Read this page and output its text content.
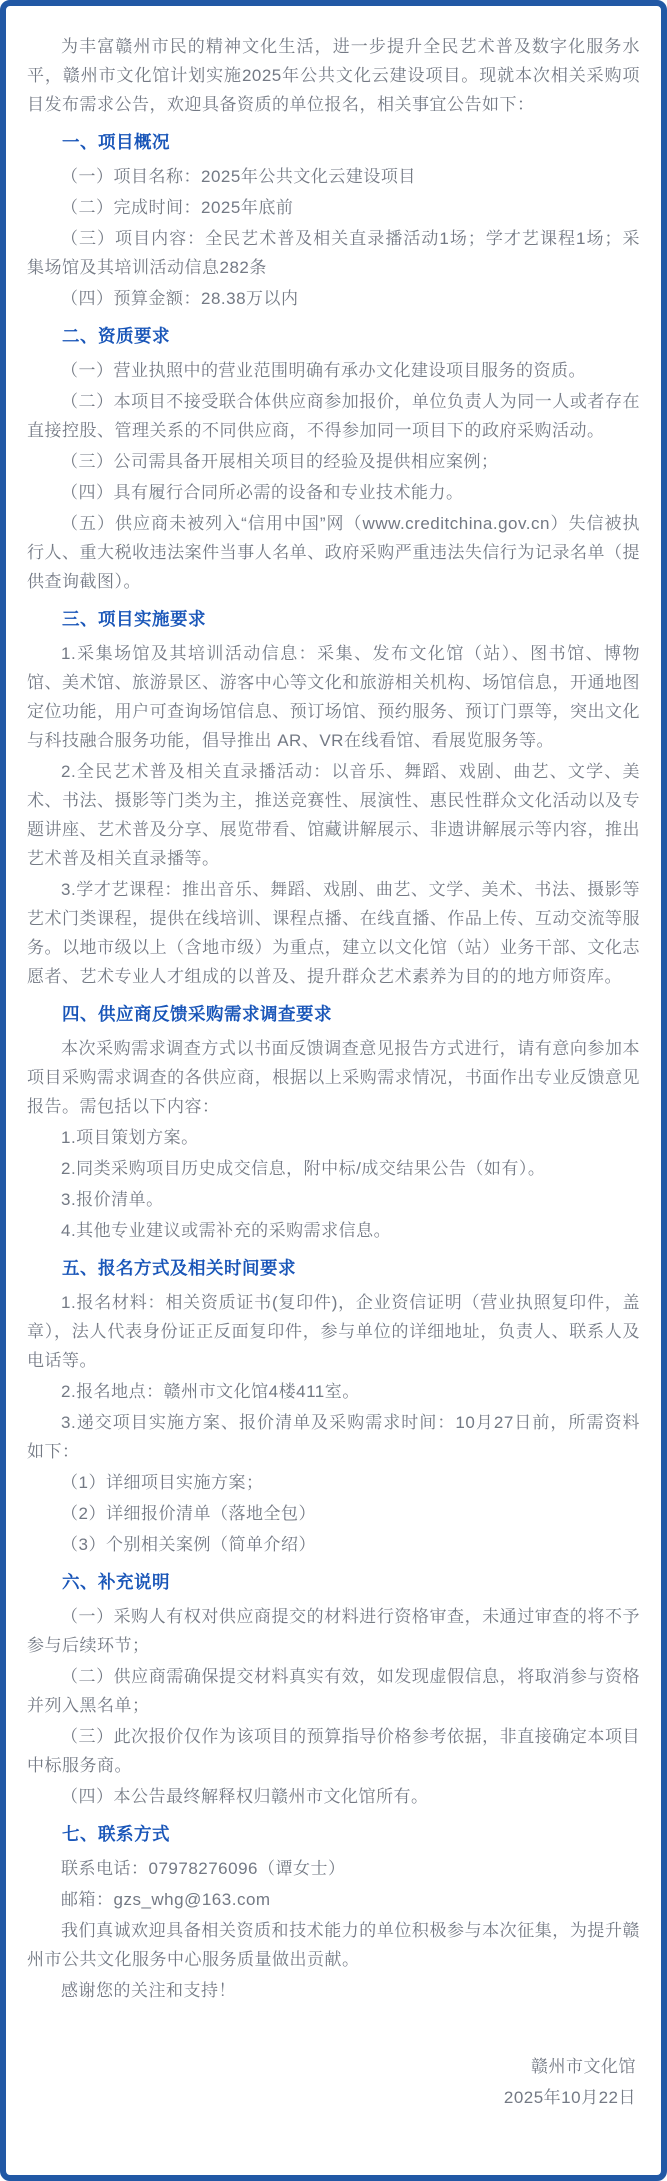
为丰富赣州市民的精神文化生活，进一步提升全民艺术普及数字化服务水平，赣州市文化馆计划实施2025年公共文化云建设项目。现就本次相关采购项目发布需求公告，欢迎具备资质的单位报名，相关事宜公告如下：

一、项目概况

（一）项目名称：2025年公共文化云建设项目

（二）完成时间：2025年底前

（三）项目内容：全民艺术普及相关直录播活动1场；学才艺课程1场；采集场馆及其培训活动信息282条

（四）预算金额：28.38万以内

二、资质要求

（一）营业执照中的营业范围明确有承办文化建设项目服务的资质。

（二）本项目不接受联合体供应商参加报价，单位负责人为同一人或者存在直接控股、管理关系的不同供应商，不得参加同一项目下的政府采购活动。

（三）公司需具备开展相关项目的经验及提供相应案例；

（四）具有履行合同所必需的设备和专业技术能力。

（五）供应商未被列入“信用中国”网（www.creditchina.gov.cn）失信被执行人、重大税收违法案件当事人名单、政府采购严重违法失信行为记录名单（提供查询截图）。

三、项目实施要求

1.采集场馆及其培训活动信息：采集、发布文化馆（站）、图书馆、博物馆、美术馆、旅游景区、游客中心等文化和旅游相关机构、场馆信息，开通地图定位功能，用户可查询场馆信息、预订场馆、预约服务、预订门票等，突出文化与科技融合服务功能，倡导推出 AR、VR在线看馆、看展览服务等。

2.全民艺术普及相关直录播活动：以音乐、舞蹈、戏剧、曲艺、文学、美术、书法、摄影等门类为主，推送竞赛性、展演性、惠民性群众文化活动以及专题讲座、艺术普及分享、展览带看、馆藏讲解展示、非遗讲解展示等内容，推出艺术普及相关直录播等。

3.学才艺课程：推出音乐、舞蹈、戏剧、曲艺、文学、美术、书法、摄影等艺术门类课程，提供在线培训、课程点播、在线直播、作品上传、互动交流等服务。以地市级以上（含地市级）为重点，建立以文化馆（站）业务干部、文化志愿者、艺术专业人才组成的以普及、提升群众艺术素养为目的的地方师资库。

四、供应商反馈采购需求调查要求

本次采购需求调查方式以书面反馈调查意见报告方式进行，请有意向参加本项目采购需求调查的各供应商，根据以上采购需求情况，书面作出专业反馈意见报告。需包括以下内容：

1.项目策划方案。

2.同类采购项目历史成交信息，附中标/成交结果公告（如有）。

3.报价清单。

4.其他专业建议或需补充的采购需求信息。

五、报名方式及相关时间要求

1.报名材料：相关资质证书(复印件)，企业资信证明（营业执照复印件，盖章），法人代表身份证正反面复印件，参与单位的详细地址，负责人、联系人及电话等。

2.报名地点：赣州市文化馆4楼411室。

3.递交项目实施方案、报价清单及采购需求时间：10月27日前，所需资料如下：

（1）详细项目实施方案；

（2）详细报价清单（落地全包）

（3）个别相关案例（简单介绍）

六、补充说明

（一）采购人有权对供应商提交的材料进行资格审查，未通过审查的将不予参与后续环节；

（二）供应商需确保提交材料真实有效，如发现虚假信息，将取消参与资格并列入黑名单；

（三）此次报价仅作为该项目的预算指导价格参考依据，非直接确定本项目中标服务商。

（四）本公告最终解释权归赣州市文化馆所有。

七、联系方式

联系电话：07978276096（谭女士）

邮箱：gzs_whg@163.com

我们真诚欢迎具备相关资质和技术能力的单位积极参与本次征集，为提升赣州市公共文化服务中心服务质量做出贡献。

感谢您的关注和支持！

赣州市文化馆
2025年10月22日
